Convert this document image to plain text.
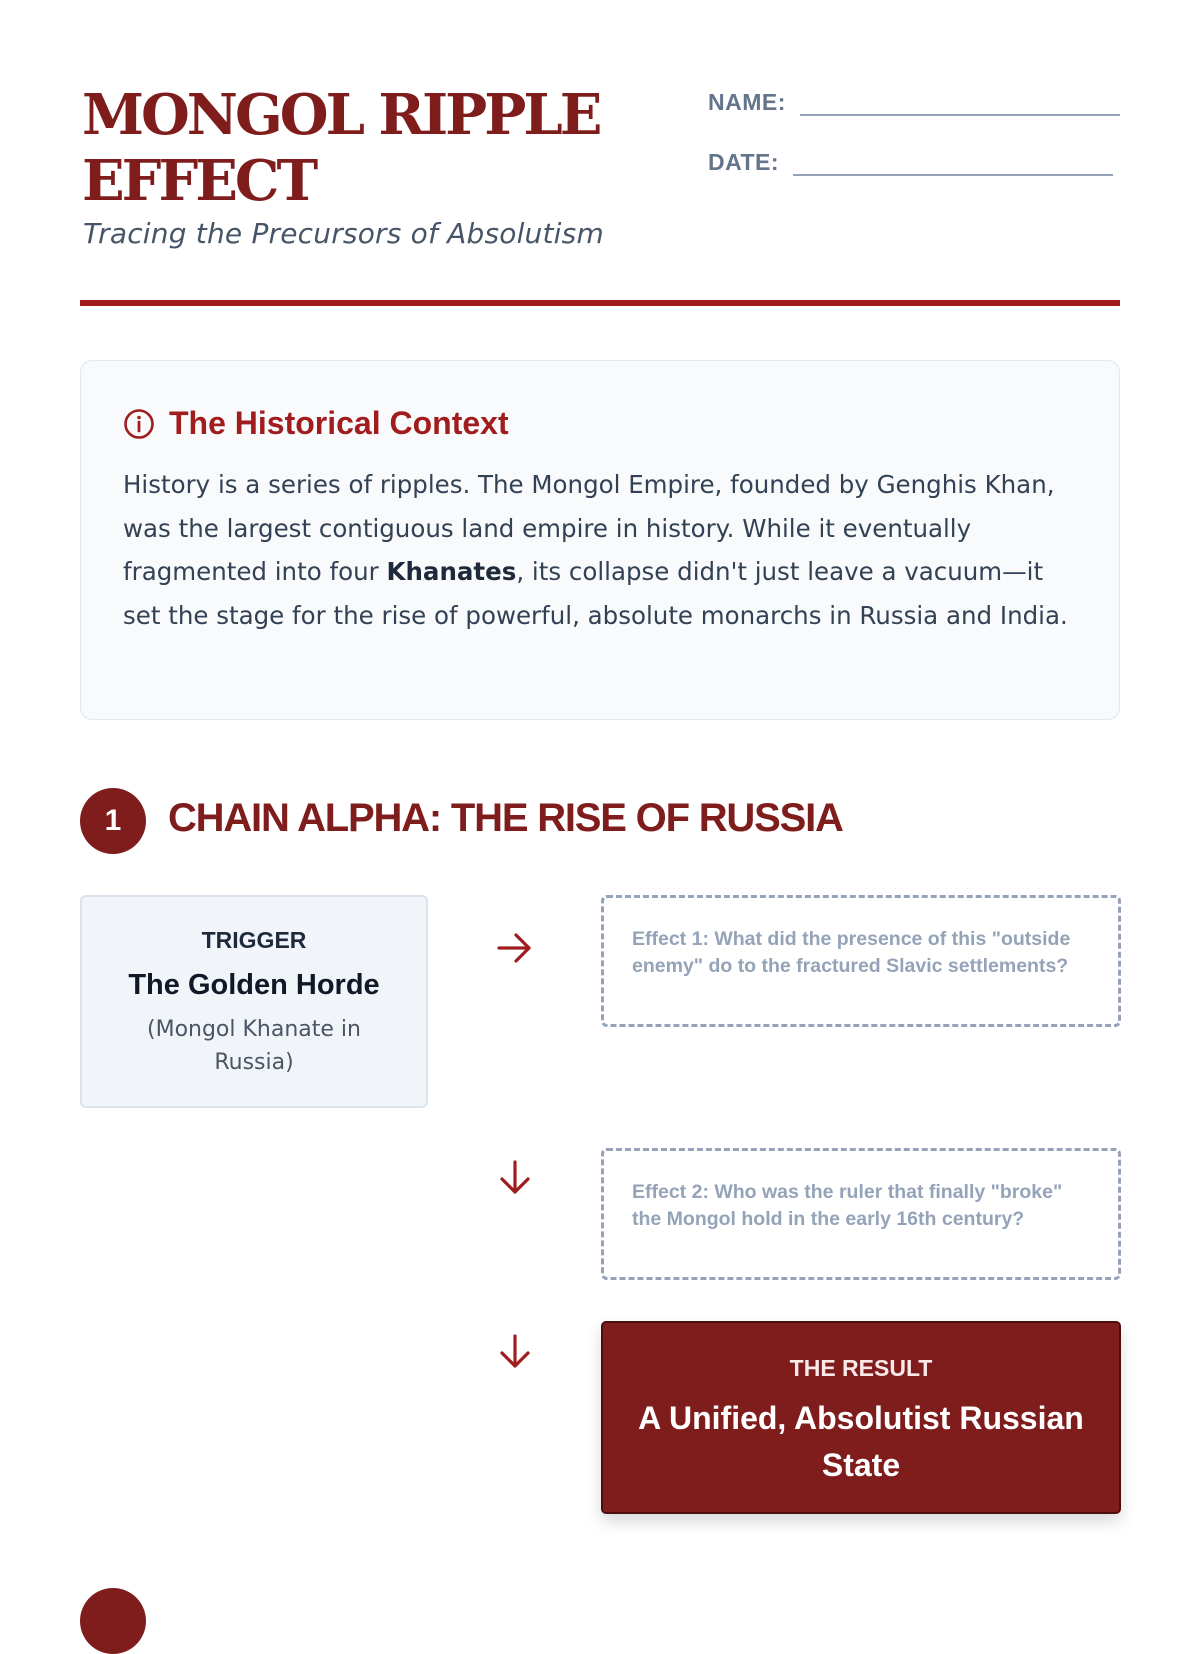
MONGOL RIPPLE EFFECT

Tracing the Precursors of Absolutism

NAME:
DATE:
The Historical Context

History is a series of ripples. The Mongol Empire, founded by Genghis Khan, was the largest contiguous land empire in history. While it eventually fragmented into four Khanates, its collapse didn't just leave a vacuum—it set the stage for the rise of powerful, absolute monarchs in Russia and India.

1	CHAIN ALPHA: THE RISE OF RUSSIA
TRIGGER
The Golden Horde
(Mongol Khanate in Russia)

Effect 1: What did the presence of this "outside enemy" do to the fractured Slavic settlements?

Effect 2: Who was the ruler that finally "broke" the Mongol hold in the early 16th century?

THE RESULT
A Unified, Absolutist Russian State
